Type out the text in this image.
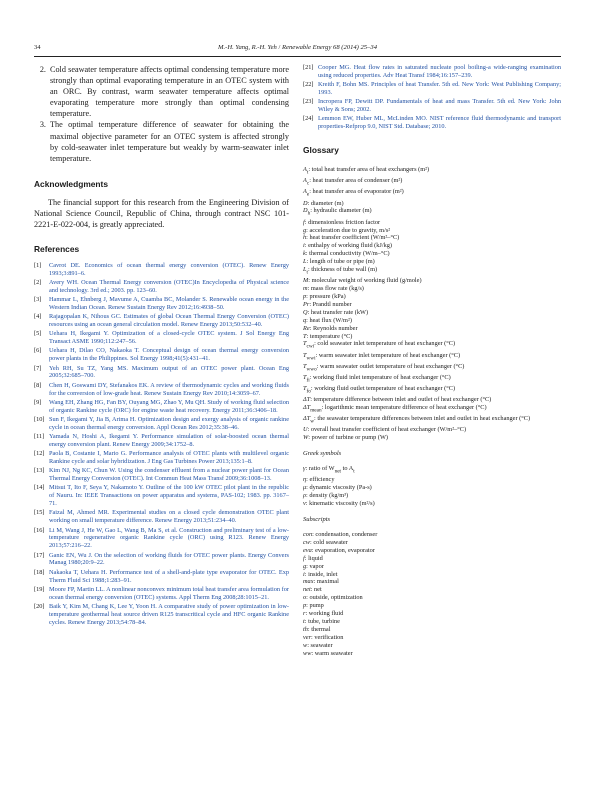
34	M.-H. Yang, R.-H. Yeh / Renewable Energy 68 (2014) 25–34
2. Cold seawater temperature affects optimal condensing temperature more strongly than optimal evaporating temperature in an OTEC system with an ORC. By contrast, warm seawater temperature affects optimal evaporating temperature more strongly than optimal condensing temperature.
3. The optimal temperature difference of seawater for obtaining the maximal objective parameter for an OTEC system is affected strongly by cold-seawater inlet temperature but weakly by warm-seawater inlet temperature.
Acknowledgments

The financial support for this research from the Engineering Division of National Science Council, Republic of China, through contract NSC 101-2221-E-022-004, is greatly appreciated.

References
[1]	Cavrot DE. Economics of ocean thermal energy conversion (OTEC). Renew Energy 1993;3:891–6.
[2]	Avery WH. Ocean Thermal Energy conversion (OTEC)In Encyclopedia of Physical science and technology. 3rd ed.; 2003. pp. 123–60.
[3]	Hammar L, Ehnberg J, Mavume A, Cuamba BC, Molander S. Renewable ocean energy in the Western Indian Ocean. Renew Sustain Energy Rev 2012;16:4938–50.
[4]	Rajagopalan K, Nihous GC. Estimates of global Ocean Thermal Energy Conversion (OTEC) resources using an ocean general circulation model. Renew Energy 2013;50:532–40.
[5]	Uehara H, Ikegami Y. Optimization of a closed-cycle OTEC system. J Sol Energy Eng Transact ASME 1990;112:247–56.
[6]	Uehara H, Dilao CO, Nakaoka T. Conceptual design of ocean thermal energy conversion power plants in the Philippines. Sol Energy 1998;41(5):431–41.
[7]	Yeh RH, Su TZ, Yang MS. Maximum output of an OTEC power plant. Ocean Eng 2005;32:685–700.
[8]	Chen H, Goswami DY, Stefanakos EK. A review of thermodynamic cycles and working fluids for the conversion of low-grade heat. Renew Sustain Energy Rev 2010;14:3059–67.
[9]	Wang EH, Zhang HG, Fan BY, Ouyang MG, Zhao Y, Mu QH. Study of working fluid selection of organic Rankine cycle (ORC) for engine waste heat recovery. Energy 2011;36:3406–18.
[10] Sun F, Ikegami Y, Jia B, Arima H. Optimization design and exergy analysis of organic rankine cycle in ocean thermal energy conversion. Appl Ocean Res 2012;35:38–46.
[11] Yamada N, Hoshi A, Ikegami Y. Performance simulation of solar-boosted ocean thermal energy conversion plant. Renew Energy 2009;34:1752–8.
[12] Paola B, Costante I, Mario G. Performance analysis of OTEC plants with multilevel organic Rankine cycle and solar hybridization. J Eng Gas Turbines Power 2013;135:1–8.
[13] Kim NJ, Ng KC, Chun W. Using the condenser effluent from a nuclear power plant for Ocean Thermal Energy Conversion (OTEC). Int Commun Heat Mass Transf 2009;36:1008–13.
[14] Mitsui T, Ito F, Seya Y, Nakamoto Y. Outline of the 100 kW OTEC pilot plant in the republic of Nauru. In: IEEE Transactions on power apparatus and systems, PAS-102; 1983. pp. 3167–71.
[15] Faizal M, Ahmed MR. Experimental studies on a closed cycle demonstration OTEC plant working on small temperature difference. Renew Energy 2013;51:234–40.
[16] Li M, Wang J, He W, Gao L, Wang B, Ma S, et al. Construction and preliminary test of a low-temperature regenerative organic Rankine cycle (ORC) using R123. Renew Energy 2013;57:216–22.
[17] Ganic EN, Wu J. On the selection of working fluids for OTEC power plants. Energy Convers Manag 1980;20:9–22.
[18] Nakaoka T, Uehara H. Performance test of a shell-and-plate type evaporator for OTEC. Exp Therm Fluid Sci 1988;1:283–91.
[19] Moore FP, Martin LL. A nonlinear nonconvex minimum total heat transfer area formulation for ocean thermal energy conversion (OTEC) systems. Appl Therm Eng 2008;28:1015–21.
[20] Baik Y, Kim M, Chang K, Lee Y, Yoon H. A comparative study of power optimization in low-temperature geothermal heat source driven R125 transcritical cycle and HFC organic Rankine cycles. Renew Energy 2013;54:78–84.
[21] Cooper MG. Heat flow rates in saturated nucleate pool boiling-a wide-ranging examination using reduced properties. Adv Heat Transf 1984;16:157–239.
[22] Kreith F, Bohn MS. Principles of heat Transfer. 5th ed. New York: West Publishing Company; 1993.
[23] Incropera FP, Dewitt DP. Fundamentals of heat and mass Transfer. 5th ed. New York: John Wiley & Sons; 2002.
[24] Lemmon EW, Huber ML, McLinden MO. NIST reference fluid thermodynamic and transport properties-Refprop 9.0, NIST Std. Database; 2010.
Glossary
$A_t$: total heat transfer area of heat exchangers (m²)
$A_c$: heat transfer area of condenser (m²)
$A_e$: heat transfer area of evaporator (m²)
D: diameter (m)
$D_h$: hydraulic diameter (m)
f: dimensionless friction factor
g: acceleration due to gravity, m/s²
h: heat transfer coefficient (W/m²–°C)
i: enthalpy of working fluid (kJ/kg)
k: thermal conductivity (W/m–°C)
L: length of tube or pipe (m)
$L_t$: thickness of tube wall (m)
M: molecular weight of working fluid (g/mole)
m: mass flow rate (kg/s)
p: pressure (kPa)
Pr: Prandtl number
Q: heat transfer rate (kW)
q: heat flux (W/m²)
Re: Reynolds number
T: temperature (°C)
$T_{cwi}$: cold seawater inlet temperature of heat exchanger (°C)
$T_{wwi}$: warm seawater inlet temperature of heat exchanger (°C)
$T_{wwo}$: warm seawater outlet temperature of heat exchanger (°C)
$T_{fi}$: working fluid inlet temperature of heat exchanger (°C)
$T_{fo}$: working fluid outlet temperature of heat exchanger (°C)
ΔT: temperature difference between inlet and outlet of heat exchanger (°C)
$\Delta T_{mean}$: logarithmic mean temperature difference of heat exchanger (°C)
$\Delta T_w$: the seawater temperature differences between inlet and outlet in heat exchanger (°C)
U: overall heat transfer coefficient of heat exchanger (W/m²–°C)
W: power of turbine or pump (W)
Greek symbols
γ: ratio of $W_{net}$ to $A_t$
η: efficiency
μ: dynamic viscosity (Pa-s)
ρ: density (kg/m³)
ν: kinematic viscosity (m²/s)
Subscripts
con: condensation, condenser
cw: cold seawater
eva: evaporation, evaporator
f: liquid
g: vapor
i: inside, inlet
max: maximal
net: net
o: outside, optimization
p: pump
r: working fluid
t: tube, turbine
th: thermal
ver: verification
w: seawater
ww: warm seawater
